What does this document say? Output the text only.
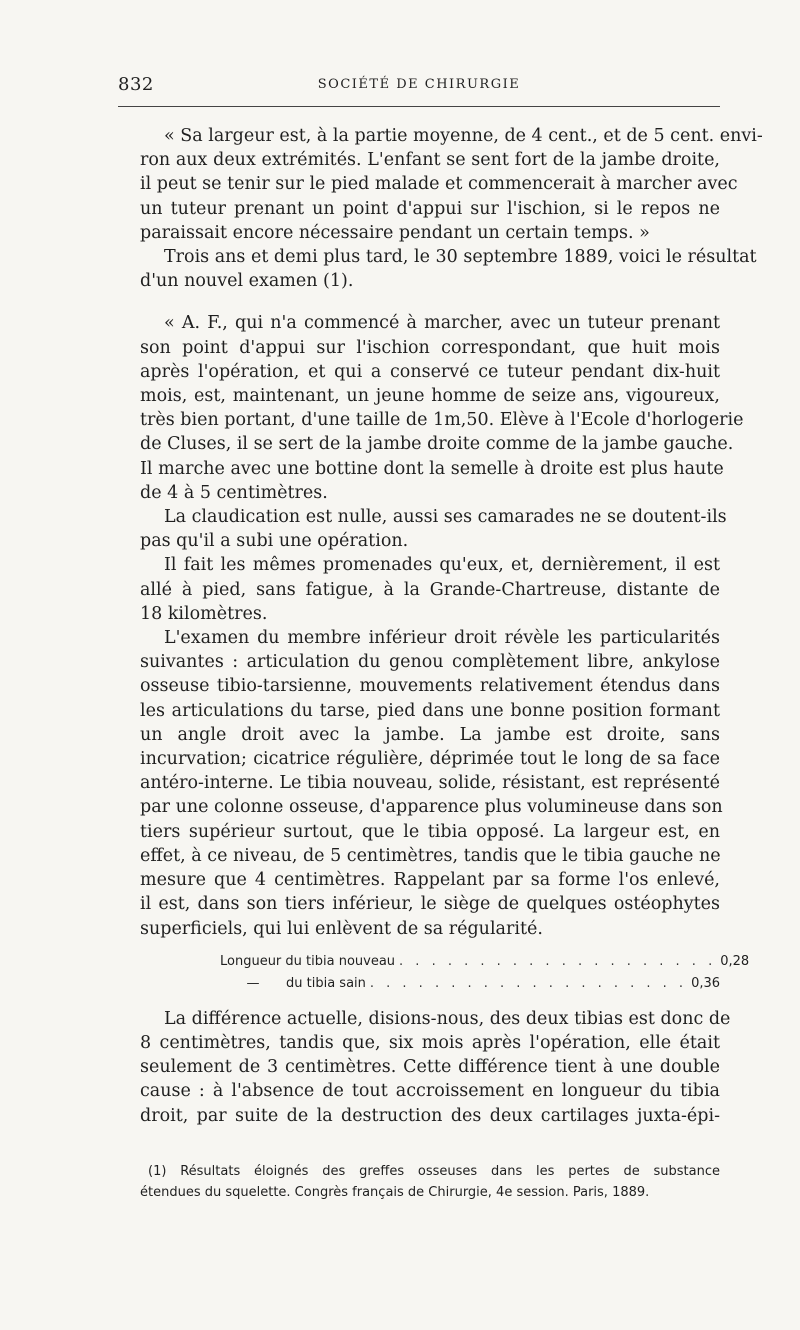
832	SOCIÉTÉ DE CHIRURGIE
« Sa largeur est, à la partie moyenne, de 4 cent., et de 5 cent. envi-
ron aux deux extrémités. L'enfant se sent fort de la jambe droite,
il peut se tenir sur le pied malade et commencerait à marcher avec
un tuteur prenant un point d'appui sur l'ischion, si le repos ne
paraissait encore nécessaire pendant un certain temps. »
Trois ans et demi plus tard, le 30 septembre 1889, voici le résultat
d'un nouvel examen (1).
« A. F., qui n'a commencé à marcher, avec un tuteur prenant
son point d'appui sur l'ischion correspondant, que huit mois
après l'opération, et qui a conservé ce tuteur pendant dix-huit
mois, est, maintenant, un jeune homme de seize ans, vigoureux,
très bien portant, d'une taille de 1m,50. Elève à l'Ecole d'horlogerie
de Cluses, il se sert de la jambe droite comme de la jambe gauche.
Il marche avec une bottine dont la semelle à droite est plus haute
de 4 à 5 centimètres.
La claudication est nulle, aussi ses camarades ne se doutent-ils
pas qu'il a subi une opération.
Il fait les mêmes promenades qu'eux, et, dernièrement, il est
allé à pied, sans fatigue, à la Grande-Chartreuse, distante de
18 kilomètres.
L'examen du membre inférieur droit révèle les particularités
suivantes : articulation du genou complètement libre, ankylose
osseuse tibio-tarsienne, mouvements relativement étendus dans
les articulations du tarse, pied dans une bonne position formant
un angle droit avec la jambe. La jambe est droite, sans
incurvation; cicatrice régulière, déprimée tout le long de sa face
antéro-interne. Le tibia nouveau, solide, résistant, est représenté
par une colonne osseuse, d'apparence plus volumineuse dans son
tiers supérieur surtout, que le tibia opposé. La largeur est, en
effet, à ce niveau, de 5 centimètres, tandis que le tibia gauche ne
mesure que 4 centimètres. Rappelant par sa forme l'os enlevé,
il est, dans son tiers inférieur, le siège de quelques ostéophytes
superficiels, qui lui enlèvent de sa régularité.
Longueur du tibia nouveau . . . . . . . . . . . . . . . . . . . . 0,28
— du tibia sain . . . . . . . . . . . . . . . . . . . . 0,36
La différence actuelle, disions-nous, des deux tibias est donc de
8 centimètres, tandis que, six mois après l'opération, elle était
seulement de 3 centimètres. Cette différence tient à une double
cause : à l'absence de tout accroissement en longueur du tibia
droit, par suite de la destruction des deux cartilages juxta-épi-
(1) Résultats éloignés des greffes osseuses dans les pertes de substance
étendues du squelette. Congrès français de Chirurgie, 4e session. Paris, 1889.
